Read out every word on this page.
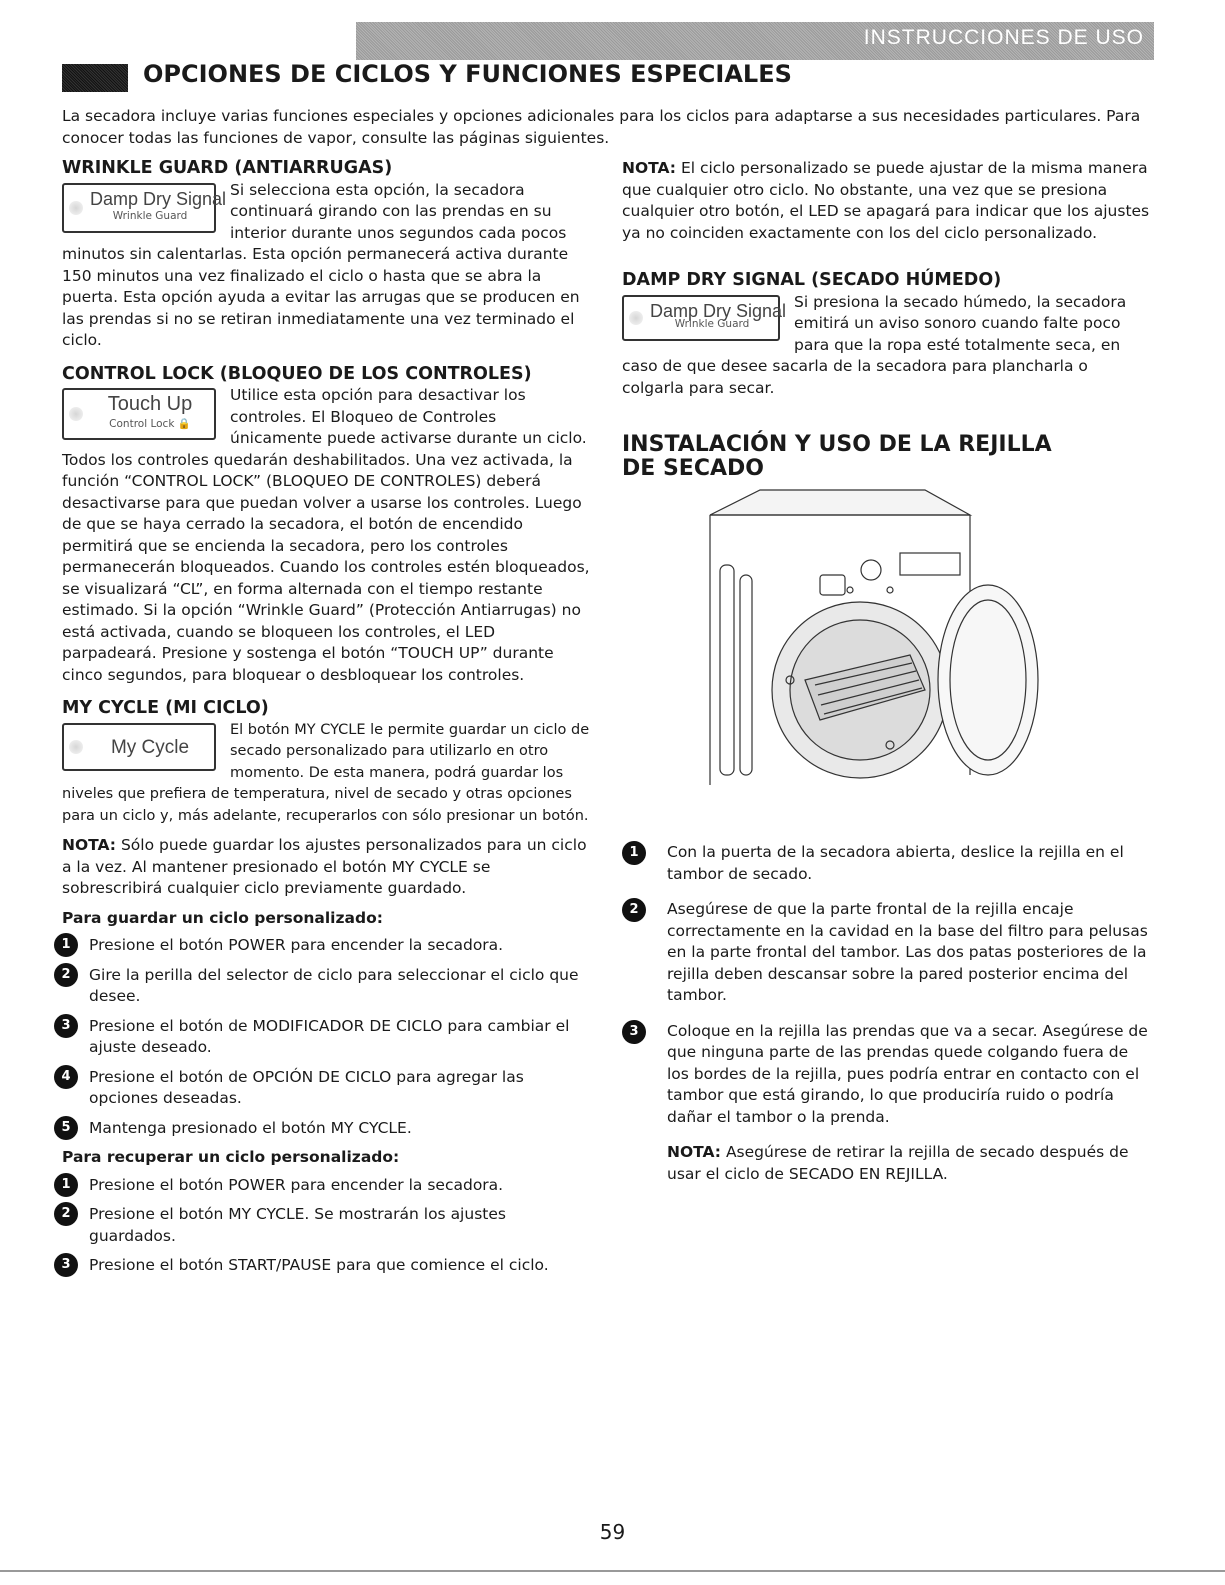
INSTRUCCIONES DE USO
OPCIONES DE CICLOS Y FUNCIONES ESPECIALES

La secadora incluye varias funciones especiales y opciones adicionales para los ciclos para adaptarse a sus necesidades particulares. Para conocer todas las funciones de vapor, consulte las páginas siguientes.

WRINKLE GUARD (ANTIARRUGAS)

Damp Dry Signal
Wrinkle Guard

Si selecciona esta opción, la secadora continuará girando con las prendas en su interior durante unos segundos cada pocos minutos sin calentarlas. Esta opción permanecerá activa durante 150 minutos una vez finalizado el ciclo o hasta que se abra la puerta. Esta opción ayuda a evitar las arrugas que se producen en las prendas si no se retiran inmediatamente una vez terminado el ciclo.

CONTROL LOCK (BLOQUEO DE LOS CONTROLES)

Touch Up
Control Lock 🔒

Utilice esta opción para desactivar los controles. El Bloqueo de Controles únicamente puede activarse durante un ciclo. Todos los controles quedarán deshabilitados. Una vez activada, la función “CONTROL LOCK” (BLOQUEO DE CONTROLES) deberá desactivarse para que puedan volver a usarse los controles. Luego de que se haya cerrado la secadora, el botón de encendido permitirá que se encienda la secadora, pero los controles permanecerán bloqueados. Cuando los controles estén bloqueados, se visualizará “CL”, en forma alternada con el tiempo restante estimado. Si la opción “Wrinkle Guard” (Protección Antiarrugas) no está activada, cuando se bloqueen los controles, el LED parpadeará. Presione y sostenga el botón “TOUCH UP” durante cinco segundos, para bloquear o desbloquear los controles.

MY CYCLE (MI CICLO)

My Cycle

El botón MY CYCLE le permite guardar un ciclo de secado personalizado para utilizarlo en otro momento. De esta manera, podrá guardar los niveles que prefiera de temperatura, nivel de secado y otras opciones para un ciclo y, más adelante, recuperarlos con sólo presionar un botón.

NOTA: Sólo puede guardar los ajustes personalizados para un ciclo a la vez. Al mantener presionado el botón MY CYCLE se sobrescribirá cualquier ciclo previamente guardado.

Para guardar un ciclo personalizado:

1	Presione el botón POWER para encender la secadora.

2	Gire la perilla del selector de ciclo para seleccionar el ciclo que desee.

3	Presione el botón de MODIFICADOR DE CICLO para cambiar el ajuste deseado.

4	Presione el botón de OPCIÓN DE CICLO para agregar las opciones deseadas.

5	Mantenga presionado el botón MY CYCLE.

Para recuperar un ciclo personalizado:

1	Presione el botón POWER para encender la secadora.

2	Presione el botón MY CYCLE. Se mostrarán los ajustes guardados.

3	Presione el botón START/PAUSE para que comience el ciclo.

NOTA: El ciclo personalizado se puede ajustar de la misma manera que cualquier otro ciclo. No obstante, una vez que se presiona cualquier otro botón, el LED se apagará para indicar que los ajustes ya no coinciden exactamente con los del ciclo personalizado.

DAMP DRY SIGNAL (SECADO HÚMEDO)

Damp Dry Signal
Wrinkle Guard

Si presiona la secado húmedo, la secadora emitirá un aviso sonoro cuando falte poco para que la ropa esté totalmente seca, en caso de que desee sacarla de la secadora para plancharla o colgarla para secar.

INSTALACIÓN Y USO DE LA REJILLA
DE SECADO

1	Con la puerta de la secadora abierta, deslice la rejilla en el tambor de secado.

2	Asegúrese de que la parte frontal de la rejilla encaje correctamente en la cavidad en la base del filtro para pelusas en la parte frontal del tambor. Las dos patas posteriores de la rejilla deben descansar sobre la pared posterior encima del tambor.

3	Coloque en la rejilla las prendas que va a secar. Asegúrese de que ninguna parte de las prendas quede colgando fuera de los bordes de la rejilla, pues podría entrar en contacto con el tambor que está girando, lo que produciría ruido o podría dañar el tambor o la prenda.

NOTA: Asegúrese de retirar la rejilla de secado después de usar el ciclo de SECADO EN REJILLA.

59
